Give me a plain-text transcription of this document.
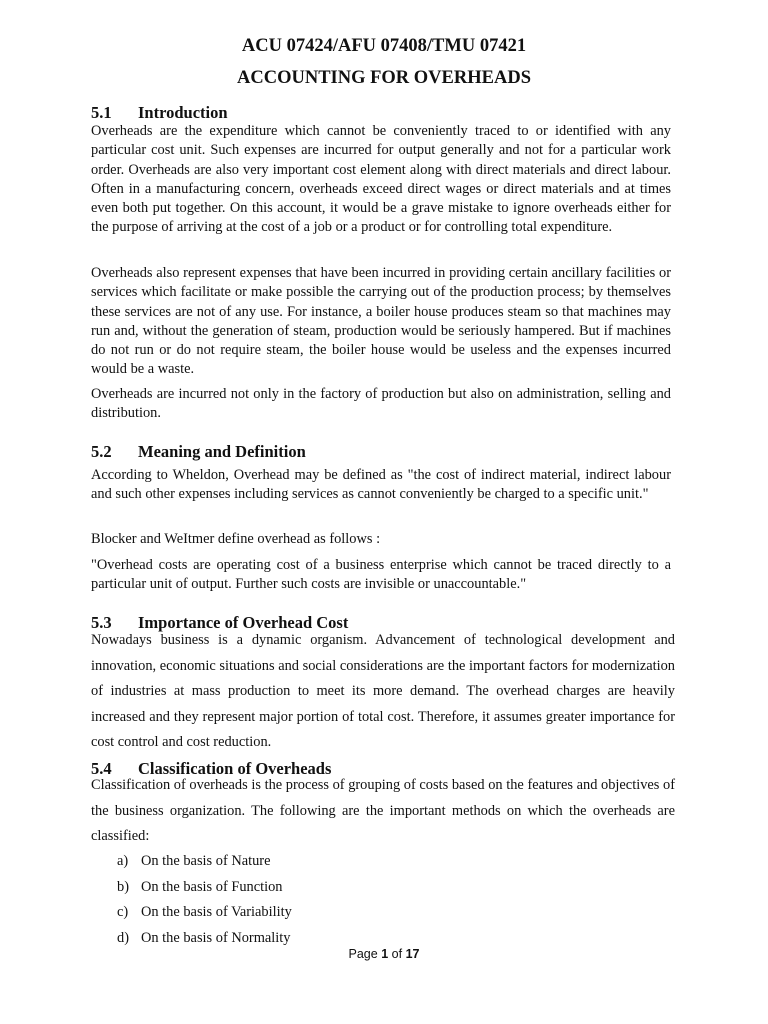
ACU 07424/AFU 07408/TMU 07421
ACCOUNTING FOR OVERHEADS
5.1 Introduction

Overheads are the expenditure which cannot be conveniently traced to or identified with any particular cost unit. Such expenses are incurred for output generally and not for a particular work order. Overheads are also very important cost element along with direct materials and direct labour. Often in a manufacturing concern, overheads exceed direct wages or direct materials and at times even both put together. On this account, it would be a grave mistake to ignore overheads either for the purpose of arriving at the cost of a job or a product or for controlling total expenditure.

Overheads also represent expenses that have been incurred in providing certain ancillary facilities or services which facilitate or make possible the carrying out of the production process; by themselves these services are not of any use. For instance, a boiler house produces steam so that machines may run and, without the generation of steam, production would be seriously hampered. But if machines do not run or do not require steam, the boiler house would be useless and the expenses incurred would be a waste.

Overheads are incurred not only in the factory of production but also on administration, selling and distribution.

5.2 Meaning and Definition

According to Wheldon, Overhead may be defined as "the cost of indirect material, indirect labour and such other expenses including services as cannot conveniently be charged to a specific unit."

Blocker and WeItmer define overhead as follows :

"Overhead costs are operating cost of a business enterprise which cannot be traced directly to a particular unit of output. Further such costs are invisible or unaccountable."

5.3 Importance of Overhead Cost

Nowadays business is a dynamic organism. Advancement of technological development and innovation, economic situations and social considerations are the important factors for modernization of industries at mass production to meet its more demand. The overhead charges are heavily increased and they represent major portion of total cost. Therefore, it assumes greater importance for cost control and cost reduction.

5.4 Classification of Overheads

Classification of overheads is the process of grouping of costs based on the features and objectives of the business organization. The following are the important methods on which the overheads are classified:

a) On the basis of Nature
b) On the basis of Function
c) On the basis of Variability
d) On the basis of Normality
Page 1 of 17
